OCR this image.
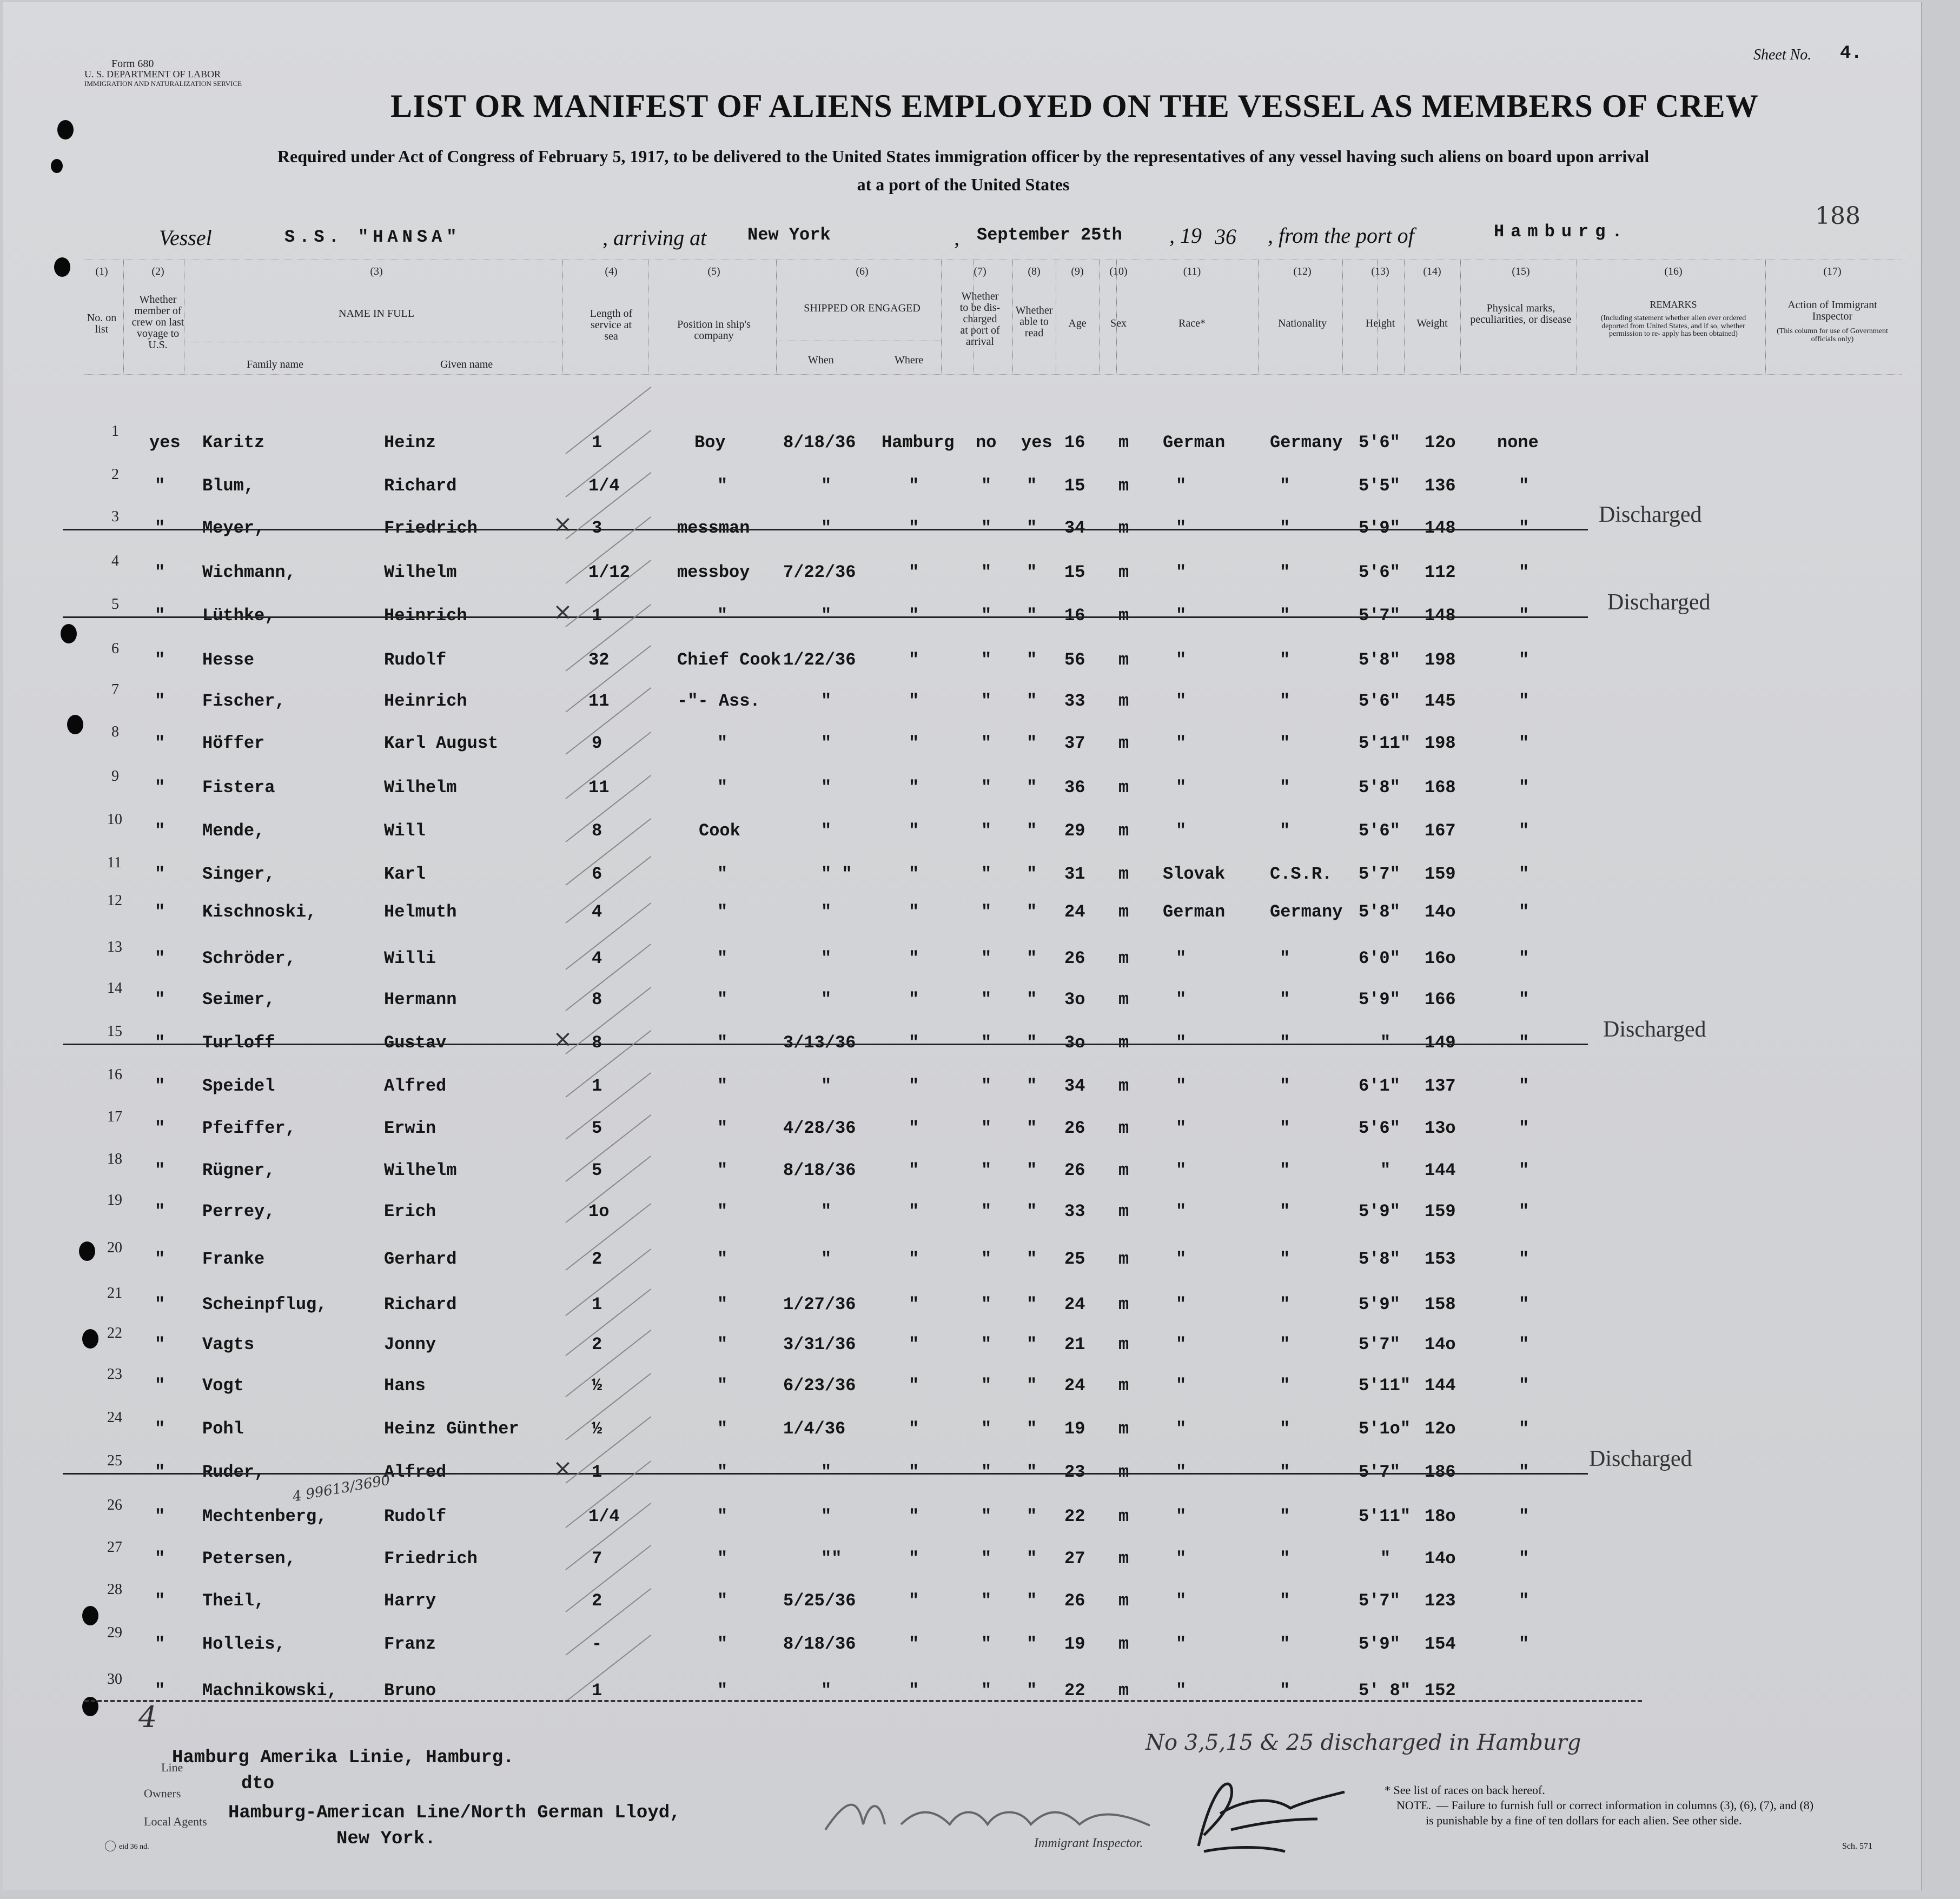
Form 680
U. S. DEPARTMENT OF LABOR
IMMIGRATION AND NATURALIZATION SERVICE
Sheet No. 4.
LIST OR MANIFEST OF ALIENS EMPLOYED ON THE VESSEL AS MEMBERS OF CREW
Required under Act of Congress of February 5, 1917, to be delivered to the United States immigration officer by the representatives of any vessel having such aliens on board upon arrival
at a port of the United States
188
Vessel	S.S. "HANSA"	, arriving at New York	, September 25th , 19 36 , from the port of	Hamburg.
(1)
No. on list
(2)
Whether member of crew on last voyage to U.S.
(3)
NAME IN FULL
Family name	Given name
(4)
Length of service at sea
(5)
Position in ship's company
(6)
SHIPPED OR ENGAGED
When	Where
(7)
Whether to be dis- charged at port of arrival
(8)
Whether able to read
(9)
Age
(10)
Sex
(11)
Race*
(12)
Nationality
(13)
Height
(14)
Weight
(15)
Physical marks, peculiarities, or disease
(16)
REMARKS
(Including statement whether alien ever ordered deported from United States, and if so, whether permission to re- apply has been obtained)
(17)
Action of Immigrant Inspector
(This column for use of Government officials only)
1
yes Karitz	Heinz	1	Boy	8/18/36 Hamburg no yes 16 m German	Germany 5'6" 12o none
2
" Blum,	Richard	1/4	"	"	"	" " 15 m	"	"	5'5" 136	"
3
" Meyer,	Friedrich	3	messman	"	"	" " 34 m	"	"	5'9" 148	"
Discharged
×
4
" Wichmann,	Wilhelm	1/12	messboy 7/22/36	"	" " 15 m	"	"	5'6" 112	"
5
" Lüthke,	Heinrich	1	"	"	"	" " 16 m	"	"	5'7" 148	"
Discharged
×
6
" Hesse	Rudolf	32	Chief Cook 1/22/36	"	" " 56 m	"	"	5'8" 198	"
7
" Fischer,	Heinrich	11	-"- Ass.	"	"	" " 33 m	"	"	5'6" 145	"
8
" Höffer	Karl August	9	"	"	"	" " 37 m	"	"	5'11" 198	"
9
" Fistera	Wilhelm	11	"	"	"	" " 36 m	"	"	5'8" 168	"
10
" Mende,	Will	8	Cook	"	"	" " 29 m	"	"	5'6" 167	"
11
" Singer,	Karl	6	"	" "	"	" " 31 m Slovak	C.S.R. 5'7" 159	"
12
" Kischnoski,	Helmuth	4	"	"	"	" " 24 m German	Germany 5'8" 14o	"
13
" Schröder,	Willi	4	"	"	"	" " 26 m	"	"	6'0" 16o	"
14
" Seimer,	Hermann	8	"	"	"	" " 3o m	"	"	5'9" 166	"
15
" Turloff	Gustav	8	"	3/13/36	"	" " 3o m	"	"	" 149	"
Discharged
×
16
" Speidel	Alfred	1	"	"	"	" " 34 m	"	"	6'1" 137	"
17
" Pfeiffer,	Erwin	5	"	4/28/36	"	" " 26 m	"	"	5'6" 13o	"
18
" Rügner,	Wilhelm	5	"	8/18/36	"	" " 26 m	"	"	" 144	"
19
" Perrey,	Erich	1o	"	"	"	" " 33 m	"	"	5'9" 159	"
20
" Franke	Gerhard	2	"	"	"	" " 25 m	"	"	5'8" 153	"
21
" Scheinpflug,	Richard	1	"	1/27/36	"	" " 24 m	"	"	5'9" 158	"
22
" Vagts	Jonny	2	"	3/31/36	"	" " 21 m	"	"	5'7" 14o	"
23
" Vogt	Hans	½	"	6/23/36	"	" " 24 m	"	"	5'11" 144	"
24
" Pohl	Heinz Günther	½	"	1/4/36	"	" " 19 m	"	"	5'1o" 12o	"
25
" Ruder,	Alfred	1	"	"	"	" " 23 m	"	"	5'7" 186	"
Discharged
×
26
" Mechtenberg,	Rudolf	1/4	"	"	"	" " 22 m	"	"	5'11" 18o	"
27
" Petersen,	Friedrich	7	"	""	"	" " 27 m	"	"	" 14o	"
28
" Theil,	Harry	2	"	5/25/36	"	" " 26 m	"	"	5'7" 123	"
29
" Holleis,	Franz	-	"	8/18/36	"	" " 19 m	"	"	5'9" 154	"
30
" Machnikowski,	Bruno	1	"	"	"	" " 22 m	"	"	5' 8" 152
4 99613/3690
No 3,5,15 & 25 discharged in Hamburg
4
Line
Hamburg Amerika Linie, Hamburg.
Owners	dto
Local Agents Hamburg-American Line/North German Lloyd,
New York.	Immigrant Inspector.
* See list of races on back hereof.
NOTE. — Failure to furnish full or correct information in columns (3), (6), (7), and (8)
is punishable by a fine of ten dollars for each alien. See other side.
Sch. 571
eid 36 nd.
